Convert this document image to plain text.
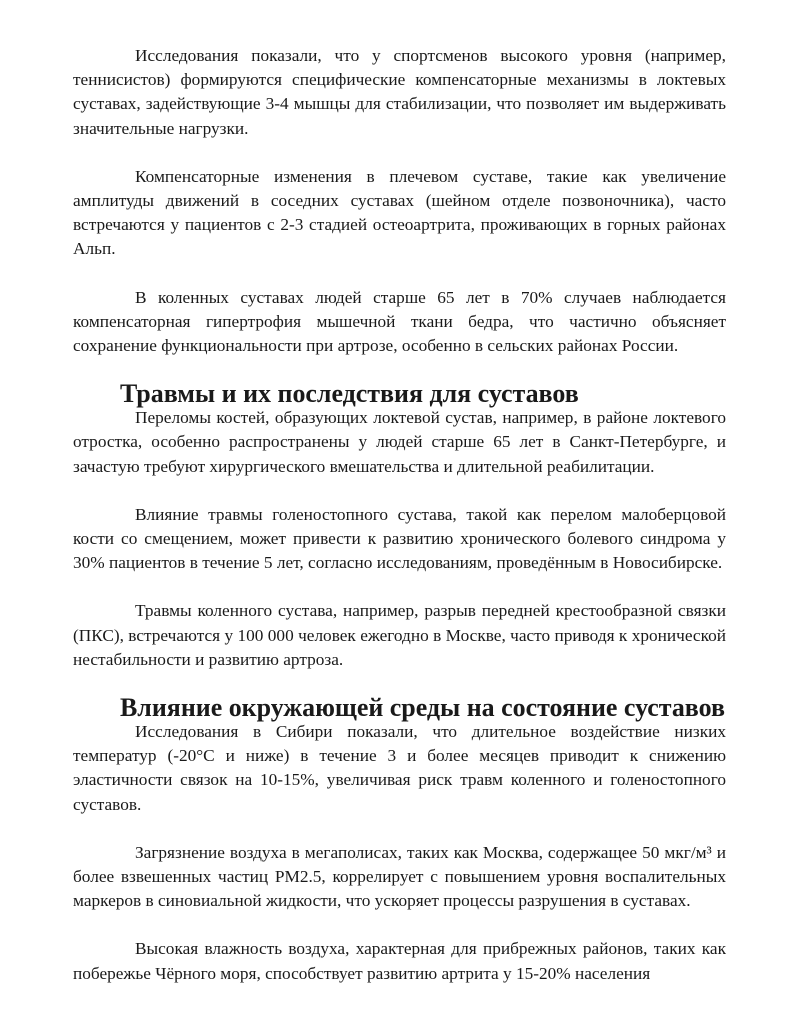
Исследования показали, что у спортсменов высокого уровня (например, теннисистов) формируются специфические компенсаторные механизмы в локтевых суставах, задействующие 3-4 мышцы для стабилизации, что позволяет им выдерживать значительные нагрузки.

Компенсаторные изменения в плечевом суставе, такие как увеличение амплитуды движений в соседних суставах (шейном отделе позвоночника), часто встречаются у пациентов с 2-3 стадией остеоартрита, проживающих в горных районах Альп.

В коленных суставах людей старше 65 лет в 70% случаев наблюдается компенсаторная гипертрофия мышечной ткани бедра, что частично объясняет сохранение функциональности при артрозе, особенно в сельских районах России.

Травмы и их последствия для суставов

Переломы костей, образующих локтевой сустав, например, в районе локтевого отростка, особенно распространены у людей старше 65 лет в Санкт-Петербурге, и зачастую требуют хирургического вмешательства и длительной реабилитации.

Влияние травмы голеностопного сустава, такой как перелом малоберцовой кости со смещением, может привести к развитию хронического болевого синдрома у 30% пациентов в течение 5 лет, согласно исследованиям, проведённым в Новосибирске.

Травмы коленного сустава, например, разрыв передней крестообразной связки (ПКС), встречаются у 100 000 человек ежегодно в Москве, часто приводя к хронической нестабильности и развитию артроза.

Влияние окружающей среды на состояние суставов

Исследования в Сибири показали, что длительное воздействие низких температур (-20°C и ниже) в течение 3 и более месяцев приводит к снижению эластичности связок на 10-15%, увеличивая риск травм коленного и голеностопного суставов.

Загрязнение воздуха в мегаполисах, таких как Москва, содержащее 50 мкг/м³ и более взвешенных частиц PM2.5, коррелирует с повышением уровня воспалительных маркеров в синовиальной жидкости, что ускоряет процессы разрушения в суставах.

Высокая влажность воздуха, характерная для прибрежных районов, таких как побережье Чёрного моря, способствует развитию артрита у 15-20% населения
